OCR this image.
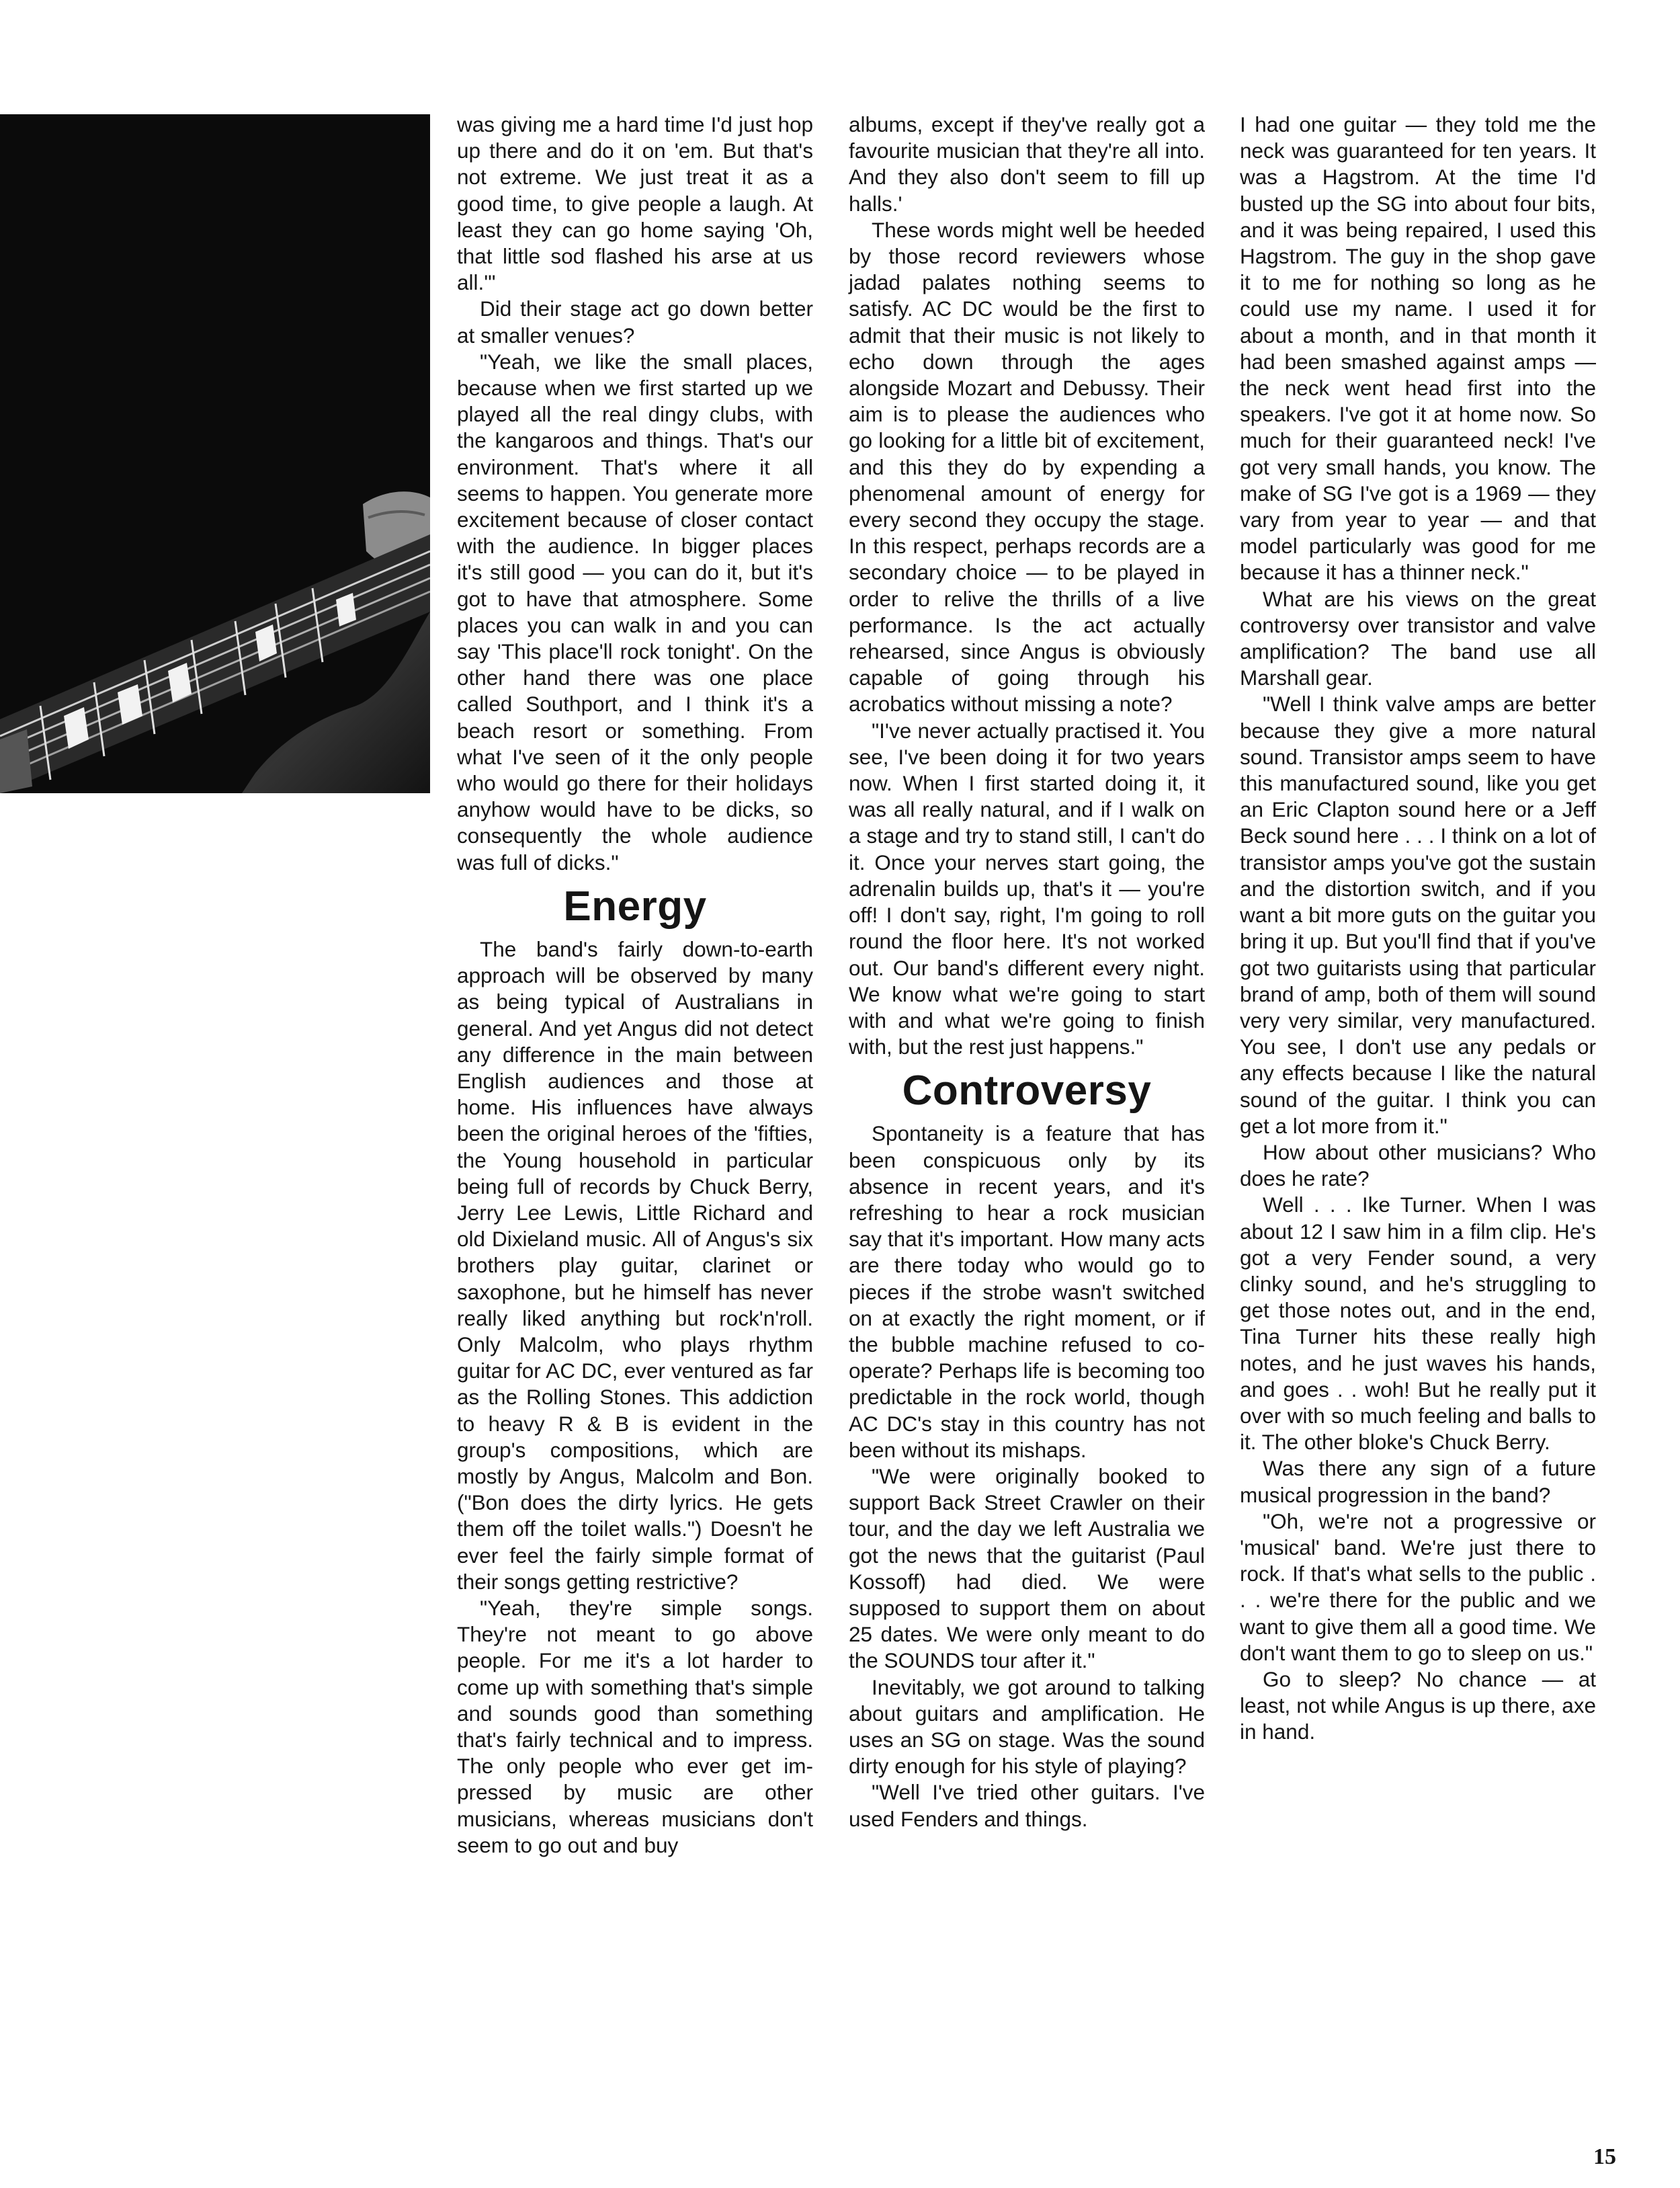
was giving me a hard time I'd just hop up there and do it on 'em. But that's not extreme. We just treat it as a good time, to give people a laugh. At least they can go home saying 'Oh, that little sod flashed his arse at us all.'"

Did their stage act go down better at smaller venues?

"Yeah, we like the small places, because when we first started up we played all the real dingy clubs, with the kangaroos and things. That's our environment. That's where it all seems to happen. You generate more excitement because of closer contact with the audience. In bigger places it's still good — you can do it, but it's got to have that atmosphere. Some places you can walk in and you can say 'This place'll rock tonight'. On the other hand there was one place called Southport, and I think it's a beach resort or something. From what I've seen of it the only people who would go there for their holidays anyhow would have to be dicks, so consequently the whole audience was full of dicks."

Energy

The band's fairly down-to-earth approach will be observed by many as being typical of Australians in general. And yet Angus did not detect any difference in the main between English audiences and those at home. His influences have always been the original heroes of the 'fifties, the Young household in particular being full of records by Chuck Berry, Jerry Lee Lewis, Little Richard and old Dixieland music. All of Angus's six brothers play guitar, clarinet or saxophone, but he himself has never really liked anything but rock'n'roll. Only Malcolm, who plays rhythm guitar for AC DC, ever ventured as far as the Rolling Stones. This addiction to heavy R & B is evident in the group's compositions, which are mostly by Angus, Malcolm and Bon. ("Bon does the dirty lyrics. He gets them off the toilet walls.") Doesn't he ever feel the fairly simple format of their songs getting restrictive?

"Yeah, they're simple songs. They're not meant to go above people. For me it's a lot harder to come up with something that's simple and sounds good than something that's fairly technical and to impress. The only people who ever get impressed by music are other musicians, whereas musicians don't seem to go out and buy

albums, except if they've really got a favourite musician that they're all into. And they also don't seem to fill up halls.'

These words might well be heeded by those record reviewers whose jadad palates nothing seems to satisfy. AC DC would be the first to admit that their music is not likely to echo down through the ages alongside Mozart and Debussy. Their aim is to please the audiences who go looking for a little bit of excitement, and this they do by expending a phenomenal amount of energy for every second they occupy the stage. In this respect, perhaps records are a secondary choice — to be played in order to relive the thrills of a live performance. Is the act actually rehearsed, since Angus is obviously capable of going through his acrobatics without missing a note?

"I've never actually practised it. You see, I've been doing it for two years now. When I first started doing it, it was all really natural, and if I walk on a stage and try to stand still, I can't do it. Once your nerves start going, the adrenalin builds up, that's it — you're off! I don't say, right, I'm going to roll round the floor here. It's not worked out. Our band's different every night. We know what we're going to start with and what we're going to finish with, but the rest just happens."

Controversy

Spontaneity is a feature that has been conspicuous only by its absence in recent years, and it's refreshing to hear a rock musician say that it's important. How many acts are there today who would go to pieces if the strobe wasn't switched on at exactly the right moment, or if the bubble machine refused to co-operate? Perhaps life is becoming too predictable in the rock world, though AC DC's stay in this country has not been without its mishaps.

"We were originally booked to support Back Street Crawler on their tour, and the day we left Australia we got the news that the guitarist (Paul Kossoff) had died. We were supposed to support them on about 25 dates. We were only meant to do the SOUNDS tour after it."

Inevitably, we got around to talking about guitars and amplification. He uses an SG on stage. Was the sound dirty enough for his style of playing?

"Well I've tried other guitars. I've used Fenders and things.

I had one guitar — they told me the neck was guaranteed for ten years. It was a Hagstrom. At the time I'd busted up the SG into about four bits, and it was being repaired, I used this Hagstrom. The guy in the shop gave it to me for nothing so long as he could use my name. I used it for about a month, and in that month it had been smashed against amps — the neck went head first into the speakers. I've got it at home now. So much for their guaranteed neck! I've got very small hands, you know. The make of SG I've got is a 1969 — they vary from year to year — and that model particularly was good for me because it has a thinner neck."

What are his views on the great controversy over transistor and valve amplification? The band use all Marshall gear.

"Well I think valve amps are better because they give a more natural sound. Transistor amps seem to have this manufactured sound, like you get an Eric Clapton sound here or a Jeff Beck sound here . . . I think on a lot of transistor amps you've got the sustain and the distortion switch, and if you want a bit more guts on the guitar you bring it up. But you'll find that if you've got two guitarists using that particular brand of amp, both of them will sound very very similar, very manufactured. You see, I don't use any pedals or any effects because I like the natural sound of the guitar. I think you can get a lot more from it."

How about other musicians? Who does he rate?

Well . . . Ike Turner. When I was about 12 I saw him in a film clip. He's got a very Fender sound, a very clinky sound, and he's struggling to get those notes out, and in the end, Tina Turner hits these really high notes, and he just waves his hands, and goes . . woh! But he really put it over with so much feeling and balls to it. The other bloke's Chuck Berry.

Was there any sign of a future musical progression in the band?

"Oh, we're not a progressive or 'musical' band. We're just there to rock. If that's what sells to the public . . . we're there for the public and we want to give them all a good time. We don't want them to go to sleep on us."

Go to sleep? No chance — at least, not while Angus is up there, axe in hand.

15
